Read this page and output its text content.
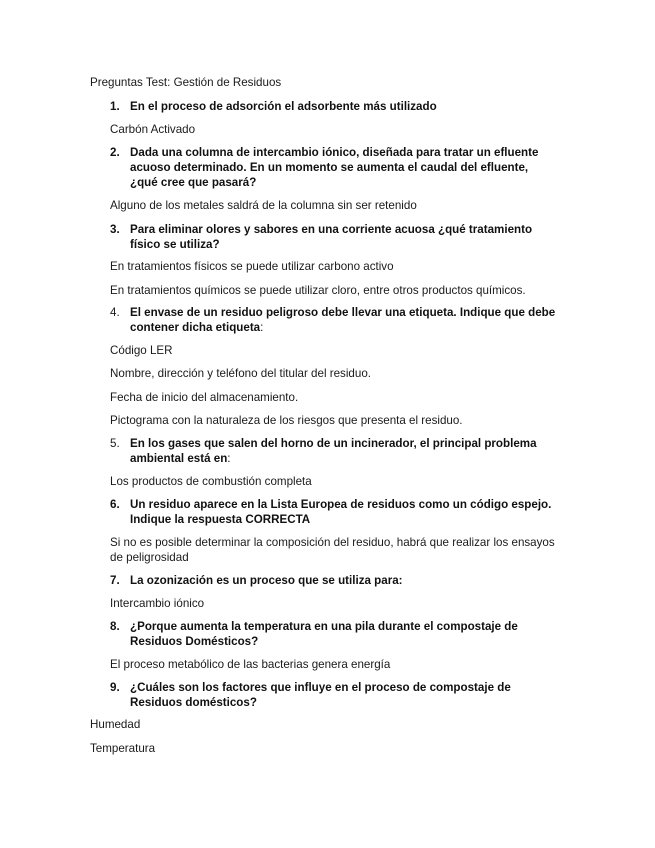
Preguntas Test: Gestión de Residuos
1. En el proceso de adsorción el adsorbente más utilizado
Carbón Activado
2. Dada una columna de intercambio iónico, diseñada para tratar un efluente
acuoso determinado. En un momento se aumenta el caudal del efluente,
¿qué cree que pasará?
Alguno de los metales saldrá de la columna sin ser retenido
3. Para eliminar olores y sabores en una corriente acuosa ¿qué tratamiento
físico se utiliza?
En tratamientos físicos se puede utilizar carbono activo
En tratamientos químicos se puede utilizar cloro, entre otros productos químicos.
4. El envase de un residuo peligroso debe llevar una etiqueta. Indique que debe
contener dicha etiqueta:
Código LER
Nombre, dirección y teléfono del titular del residuo.
Fecha de inicio del almacenamiento.
Pictograma con la naturaleza de los riesgos que presenta el residuo.
5. En los gases que salen del horno de un incinerador, el principal problema
ambiental está en:
Los productos de combustión completa
6. Un residuo aparece en la Lista Europea de residuos como un código espejo.
Indique la respuesta CORRECTA
Si no es posible determinar la composición del residuo, habrá que realizar los ensayos
de peligrosidad
7. La ozonización es un proceso que se utiliza para:
Intercambio iónico
8. ¿Porque aumenta la temperatura en una pila durante el compostaje de
Residuos Domésticos?
El proceso metabólico de las bacterias genera energía
9. ¿Cuáles son los factores que influye en el proceso de compostaje de
Residuos domésticos?
Humedad
Temperatura
